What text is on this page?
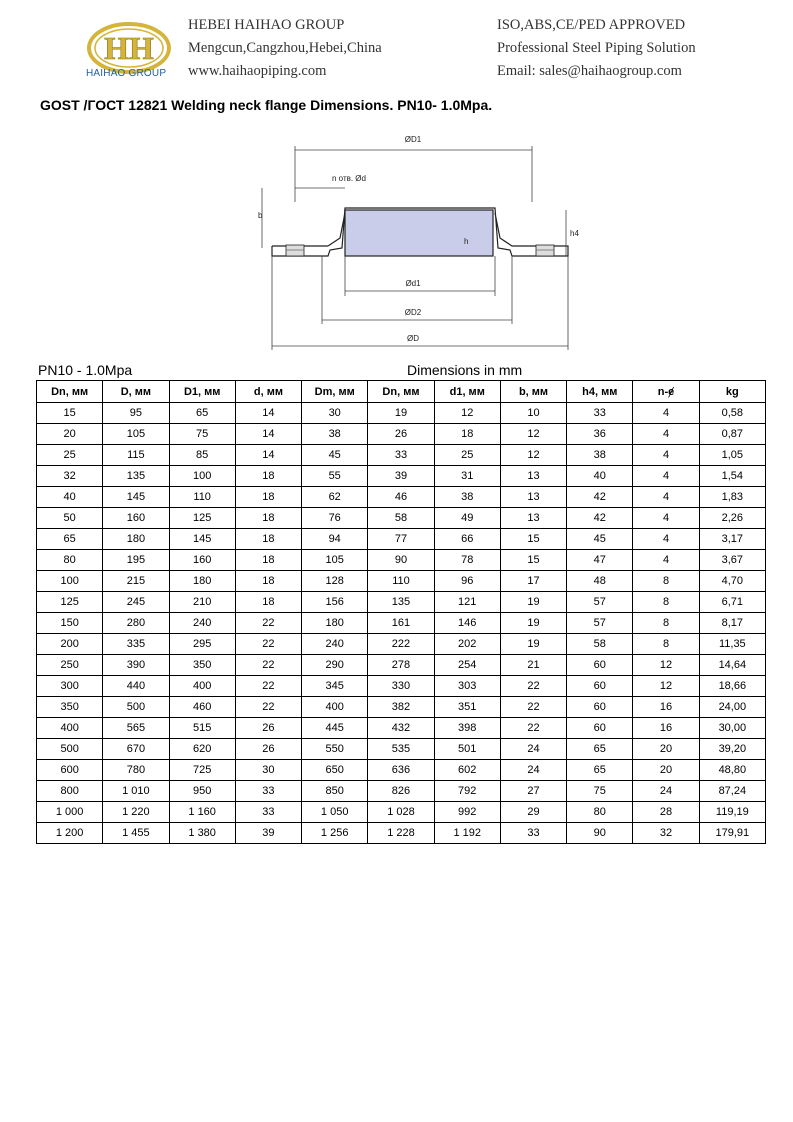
HH
HAIHAO GROUP
HEBEI HAIHAO GROUP
Mengcun,Cangzhou,Hebei,China
www.haihaopiping.com
ISO,ABS,CE/PED APPROVED
Professional Steel Piping Solution
Email: sales@haihaogroup.com
GOST /ГОСТ 12821 Welding neck flange Dimensions. PN10- 1.0Mpa.
ØD1
n отв. Ød
b
h
h4
Ød1
ØD2
ØD
PN10 - 1.0Mpa	Dimensions in mm
Dn, мм	D, мм	D1, мм	d, мм	Dm, мм	Dn, мм	d1, мм	b, мм	h4, мм	n-ɇ	kg
15	95	65	14	30	19	12	10	33	4	0,58
20	105	75	14	38	26	18	12	36	4	0,87
25	115	85	14	45	33	25	12	38	4	1,05
32	135	100	18	55	39	31	13	40	4	1,54
40	145	110	18	62	46	38	13	42	4	1,83
50	160	125	18	76	58	49	13	42	4	2,26
65	180	145	18	94	77	66	15	45	4	3,17
80	195	160	18	105	90	78	15	47	4	3,67
100	215	180	18	128	110	96	17	48	8	4,70
125	245	210	18	156	135	121	19	57	8	6,71
150	280	240	22	180	161	146	19	57	8	8,17
200	335	295	22	240	222	202	19	58	8	11,35
250	390	350	22	290	278	254	21	60	12	14,64
300	440	400	22	345	330	303	22	60	12	18,66
350	500	460	22	400	382	351	22	60	16	24,00
400	565	515	26	445	432	398	22	60	16	30,00
500	670	620	26	550	535	501	24	65	20	39,20
600	780	725	30	650	636	602	24	65	20	48,80
800	1 010	950	33	850	826	792	27	75	24	87,24
1 000	1 220	1 160	33	1 050	1 028	992	29	80	28	119,19
1 200	1 455	1 380	39	1 256	1 228	1 192	33	90	32	179,91
